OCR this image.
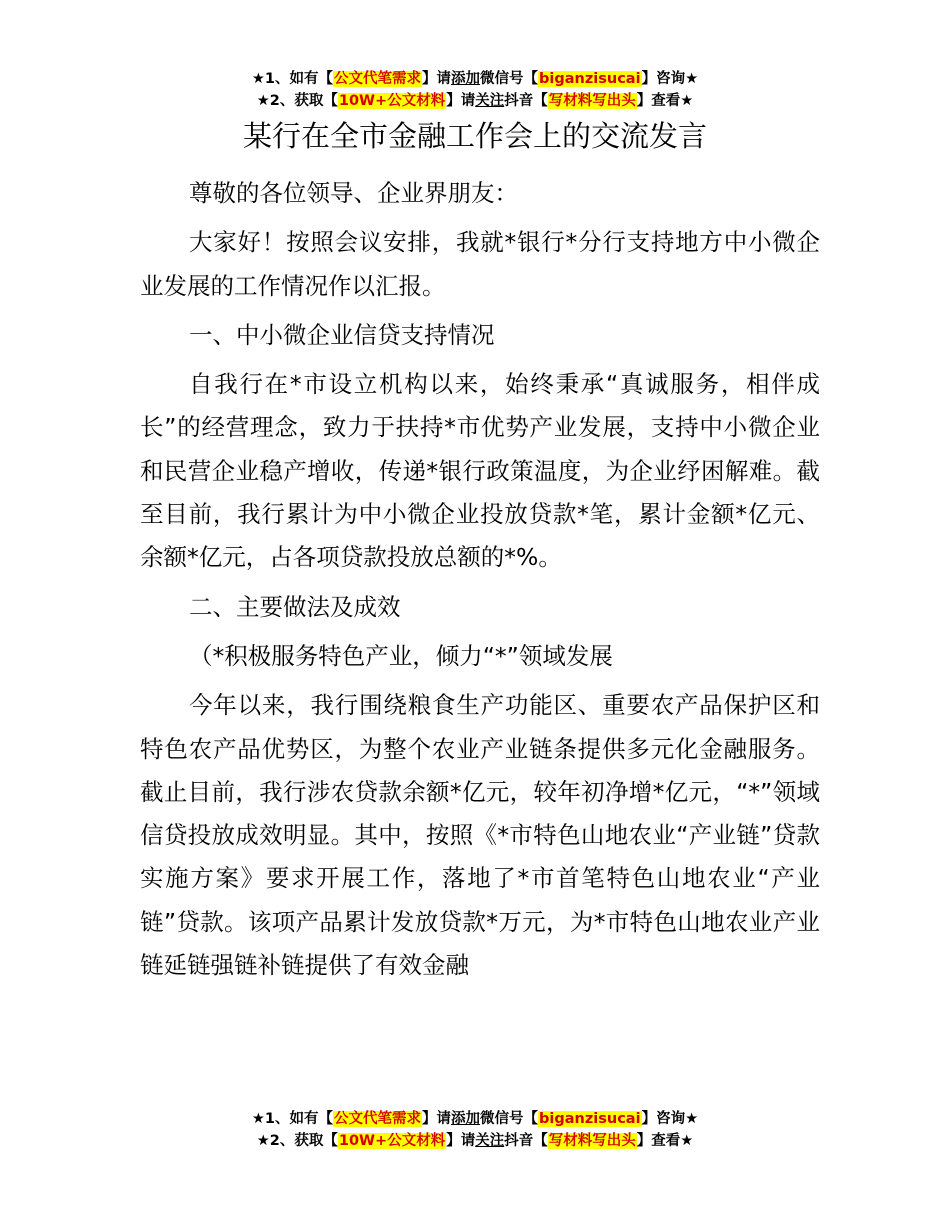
★1、如有【公文代笔需求】请添加微信号【biganzisucai】咨询★
★2、获取【10W+公文材料】请关注抖音【写材料写出头】查看★
某行在全市金融工作会上的交流发言

尊敬的各位领导、企业界朋友：

大家好！按照会议安排，我就*银行*分行支持地方中小微企业发展的工作情况作以汇报。

一、中小微企业信贷支持情况

自我行在*市设立机构以来，始终秉承“真诚服务，相伴成长”的经营理念，致力于扶持*市优势产业发展，支持中小微企业和民营企业稳产增收，传递*银行政策温度，为企业纾困解难。截至目前，我行累计为中小微企业投放贷款*笔，累计金额*亿元、余额*亿元，占各项贷款投放总额的*%。

二、主要做法及成效

（*积极服务特色产业，倾力“*”领域发展

今年以来，我行围绕粮食生产功能区、重要农产品保护区和特色农产品优势区，为整个农业产业链条提供多元化金融服务。截止目前，我行涉农贷款余额*亿元，较年初净增*亿元，“*”领域信贷投放成效明显。其中，按照《*市特色山地农业“产业链”贷款实施方案》要求开展工作，落地了*市首笔特色山地农业“产业链”贷款。该项产品累计发放贷款*万元，为*市特色山地农业产业链延链强链补链提供了有效金融

★1、如有【公文代笔需求】请添加微信号【biganzisucai】咨询★
★2、获取【10W+公文材料】请关注抖音【写材料写出头】查看★
